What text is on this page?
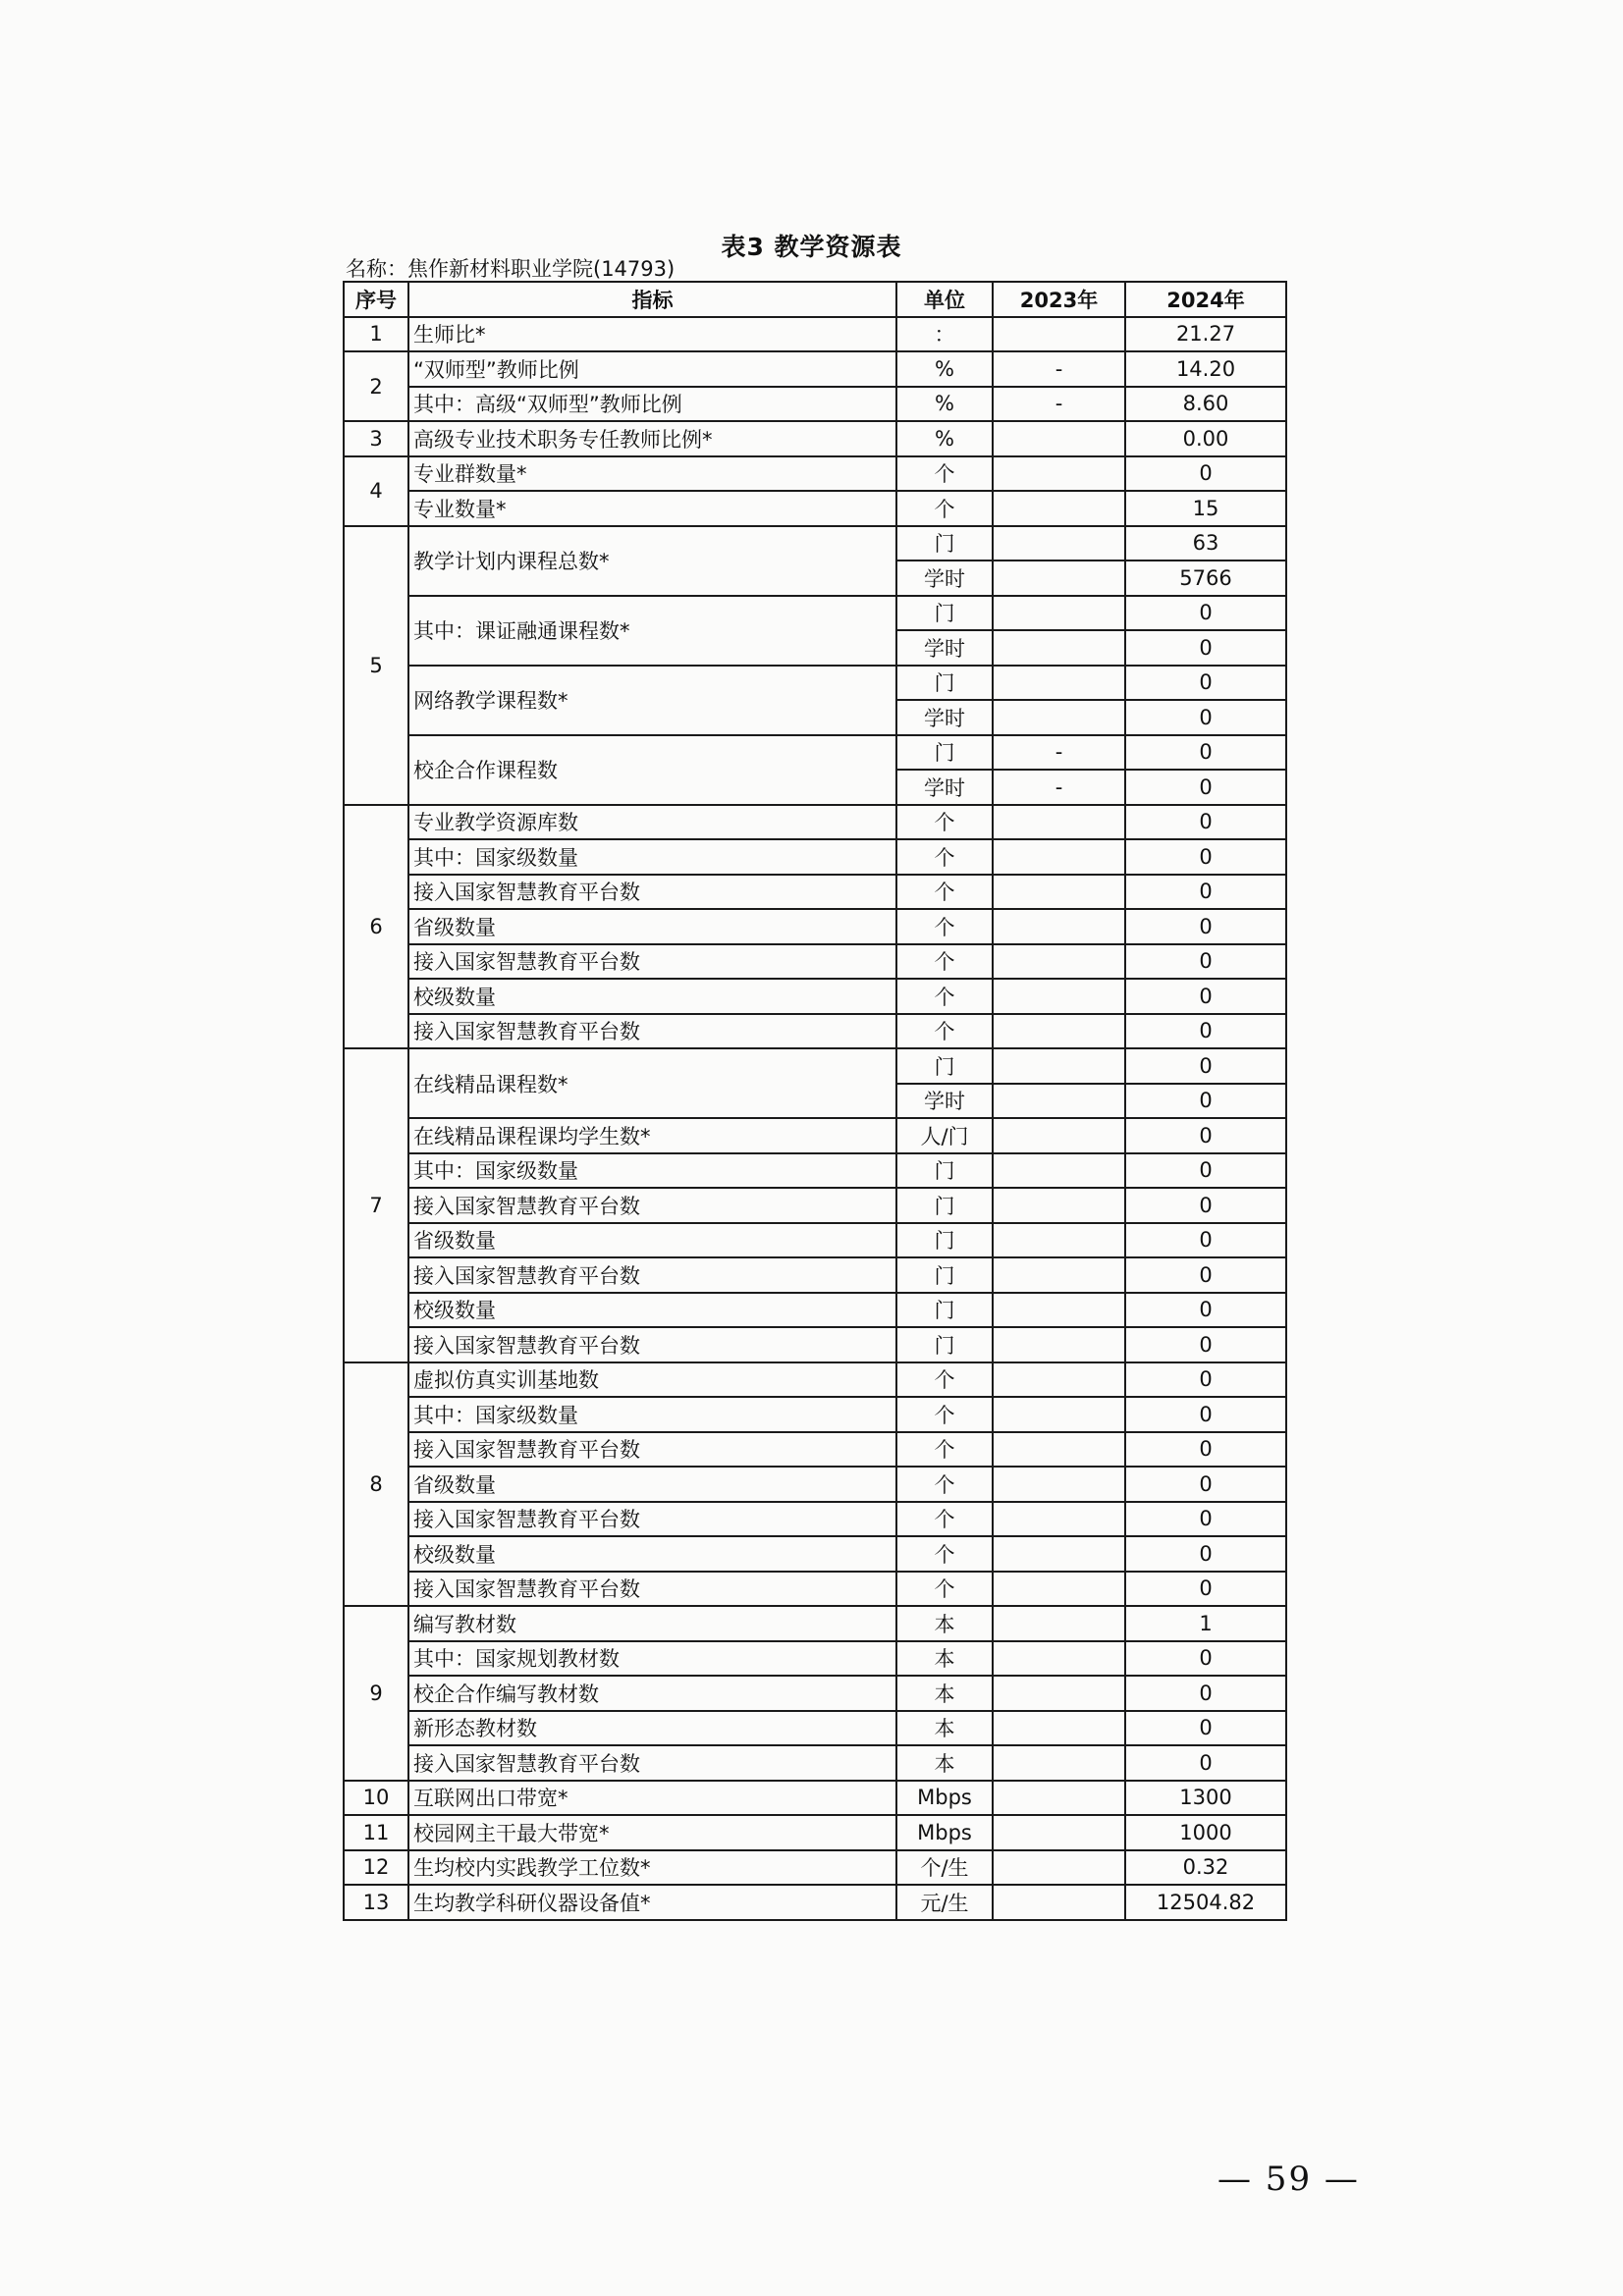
表3 教学资源表
名称：焦作新材料职业学院(14793)
序号	指标	单位	2023年	2024年
1	生师比*	：		21.27
2	“双师型”教师比例	%	-	14.20
	其中：高级“双师型”教师比例	%	-	8.60
3	高级专业技术职务专任教师比例*	%		0.00
4	专业群数量*	个		0
	专业数量*	个		15
5	教学计划内课程总数*	门		63
		学时		5766
	其中：课证融通课程数*	门		0
		学时		0
	网络教学课程数*	门		0
		学时		0
	校企合作课程数	门	-	0
		学时	-	0
6	专业教学资源库数	个		0
	其中：国家级数量	个		0
	接入国家智慧教育平台数	个		0
	省级数量	个		0
	接入国家智慧教育平台数	个		0
	校级数量	个		0
	接入国家智慧教育平台数	个		0
7	在线精品课程数*	门		0
		学时		0
	在线精品课程课均学生数*	人/门		0
	其中：国家级数量	门		0
	接入国家智慧教育平台数	门		0
	省级数量	门		0
	接入国家智慧教育平台数	门		0
	校级数量	门		0
	接入国家智慧教育平台数	门		0
8	虚拟仿真实训基地数	个		0
	其中：国家级数量	个		0
	接入国家智慧教育平台数	个		0
	省级数量	个		0
	接入国家智慧教育平台数	个		0
	校级数量	个		0
	接入国家智慧教育平台数	个		0
9	编写教材数	本		1
	其中：国家规划教材数	本		0
	校企合作编写教材数	本		0
	新形态教材数	本		0
	接入国家智慧教育平台数	本		0
10	互联网出口带宽*	Mbps		1300
11	校园网主干最大带宽*	Mbps		1000
12	生均校内实践教学工位数*	个/生		0.32
13	生均教学科研仪器设备值*	元/生		12504.82
— 59 —
